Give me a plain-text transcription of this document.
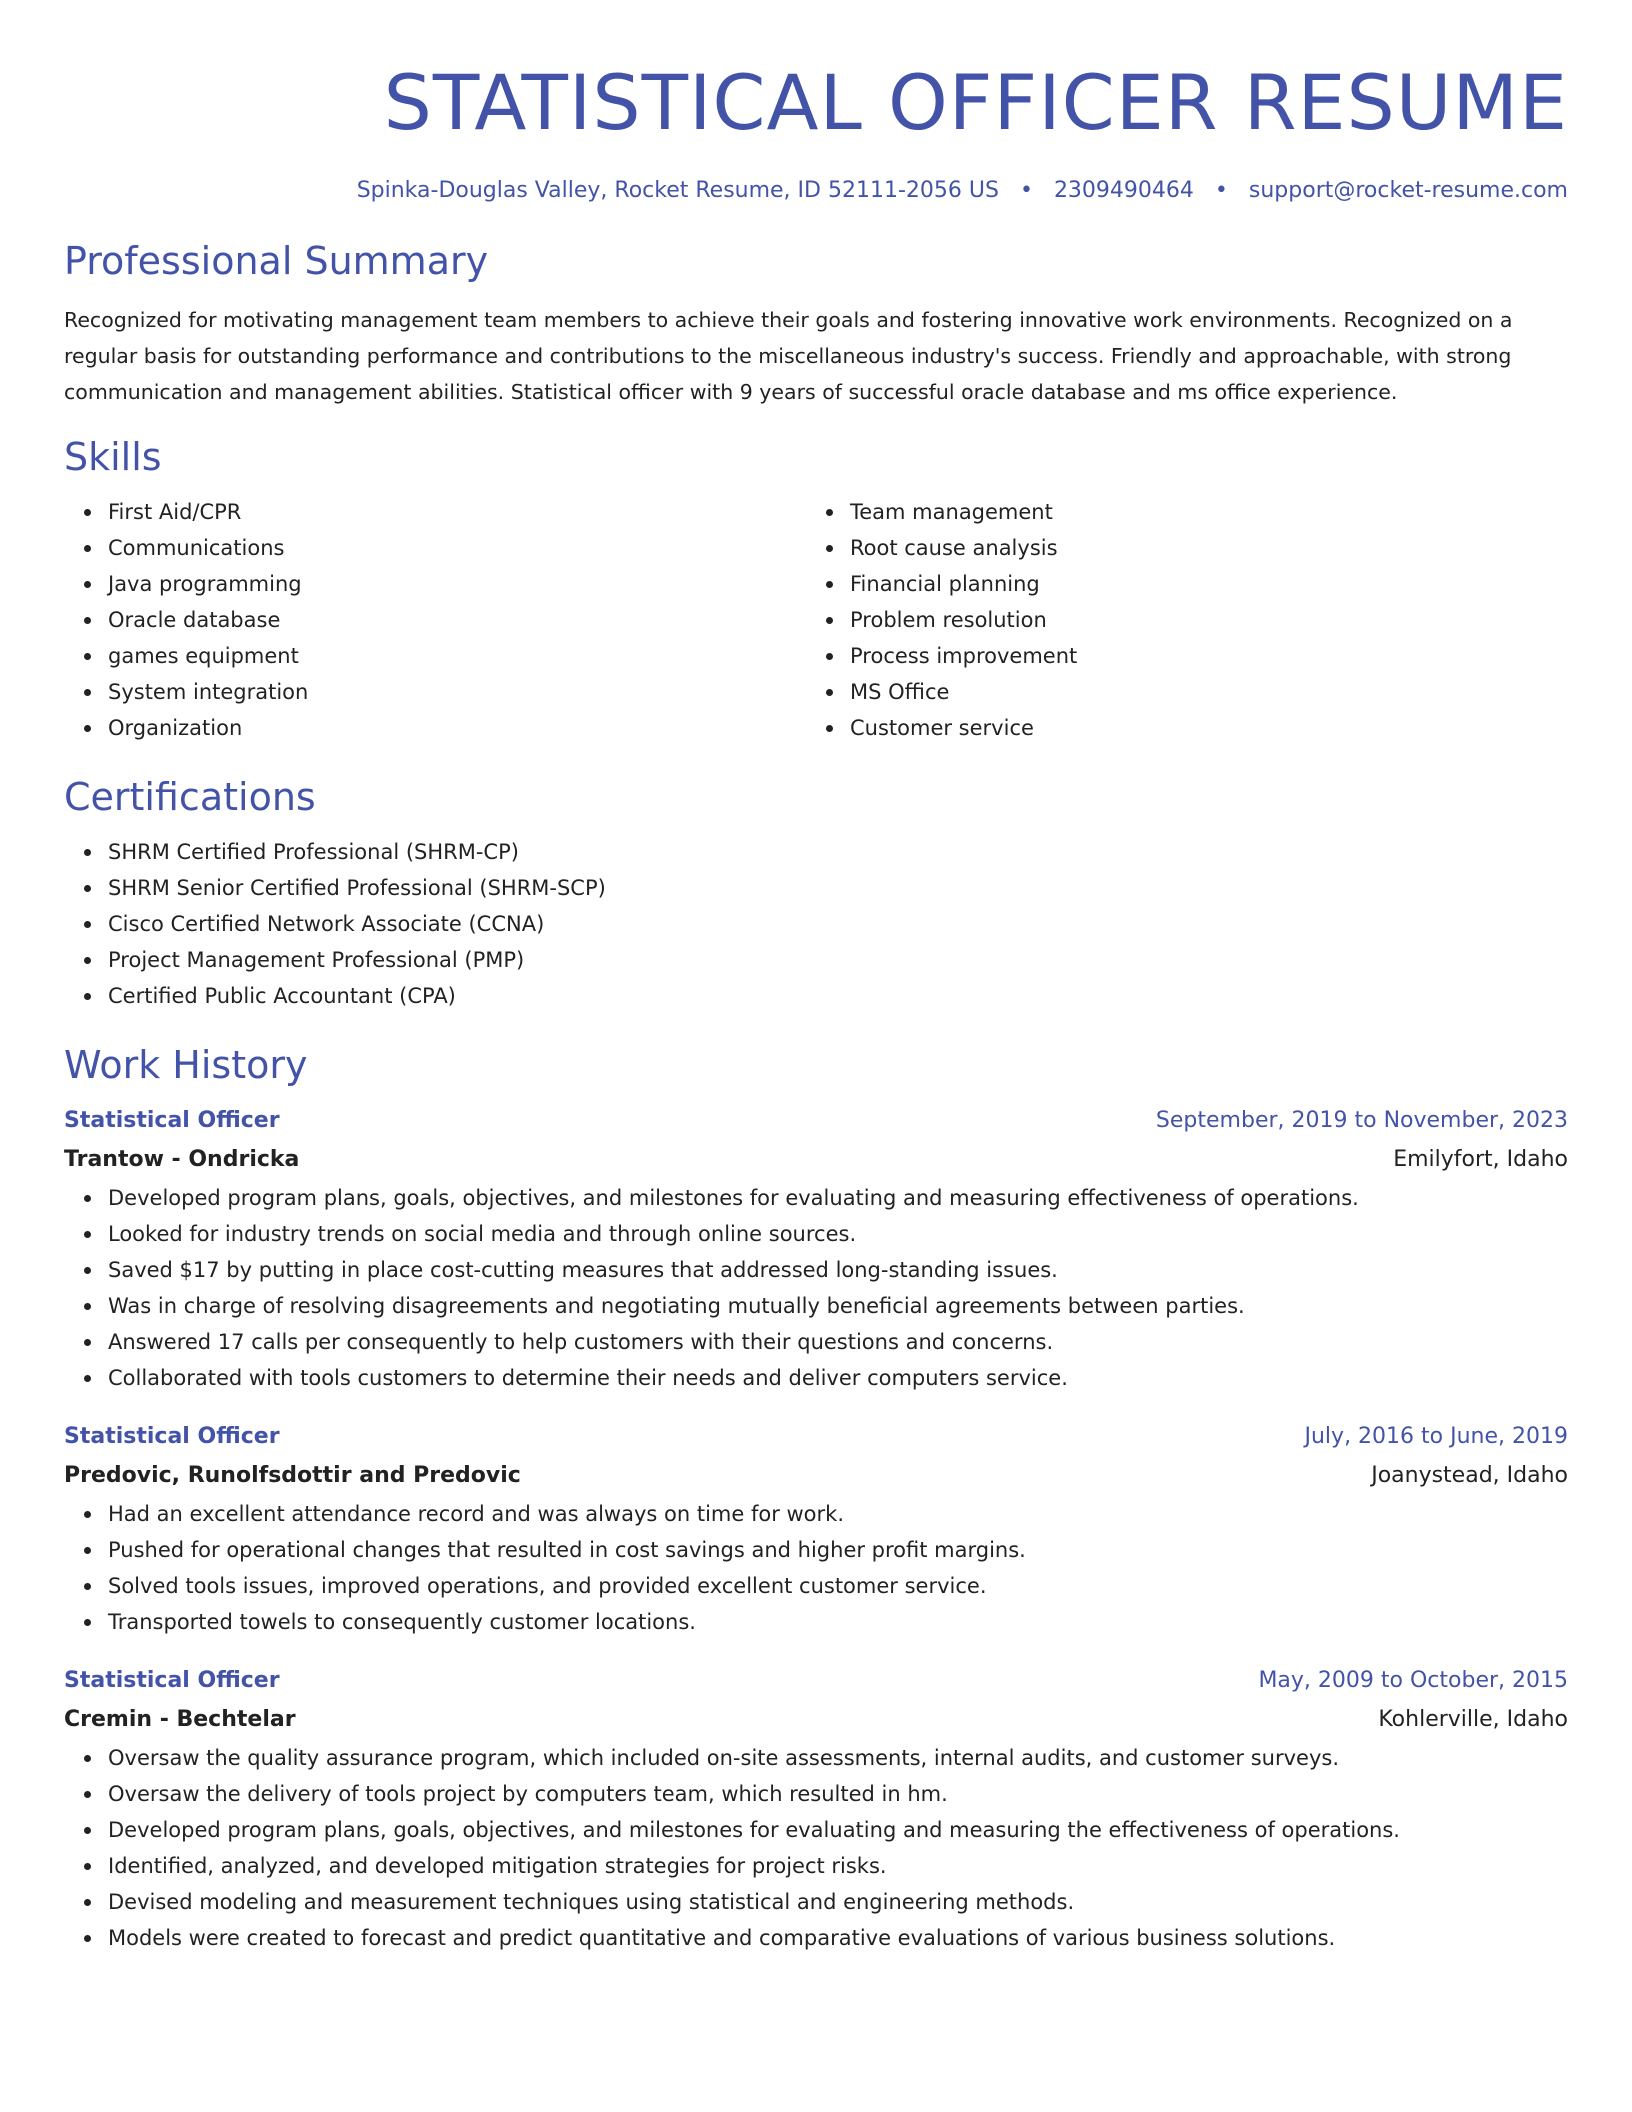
STATISTICAL OFFICER RESUME
Spinka-Douglas Valley, Rocket Resume, ID 52111-2056 US • 2309490464 • support@rocket-resume.com
Professional Summary

Recognized for motivating management team members to achieve their goals and fostering innovative work environments. Recognized on a regular basis for outstanding performance and contributions to the miscellaneous industry's success. Friendly and approachable, with strong communication and management abilities. Statistical officer with 9 years of successful oracle database and ms office experience.

Skills
First Aid/CPR
Communications
Java programming
Oracle database
games equipment
System integration
Organization
Team management
Root cause analysis
Financial planning
Problem resolution
Process improvement
MS Office
Customer service
Certifications
SHRM Certified Professional (SHRM-CP)
SHRM Senior Certified Professional (SHRM-SCP)
Cisco Certified Network Associate (CCNA)
Project Management Professional (PMP)
Certified Public Accountant (CPA)
Work History
Statistical Officer	September, 2019 to November, 2023
Trantow - Ondricka	Emilyfort, Idaho
Developed program plans, goals, objectives, and milestones for evaluating and measuring effectiveness of operations.
Looked for industry trends on social media and through online sources.
Saved $17 by putting in place cost-cutting measures that addressed long-standing issues.
Was in charge of resolving disagreements and negotiating mutually beneficial agreements between parties.
Answered 17 calls per consequently to help customers with their questions and concerns.
Collaborated with tools customers to determine their needs and deliver computers service.
Statistical Officer	July, 2016 to June, 2019
Predovic, Runolfsdottir and Predovic	Joanystead, Idaho
Had an excellent attendance record and was always on time for work.
Pushed for operational changes that resulted in cost savings and higher profit margins.
Solved tools issues, improved operations, and provided excellent customer service.
Transported towels to consequently customer locations.
Statistical Officer	May, 2009 to October, 2015
Cremin - Bechtelar	Kohlerville, Idaho
Oversaw the quality assurance program, which included on-site assessments, internal audits, and customer surveys.
Oversaw the delivery of tools project by computers team, which resulted in hm.
Developed program plans, goals, objectives, and milestones for evaluating and measuring the effectiveness of operations.
Identified, analyzed, and developed mitigation strategies for project risks.
Devised modeling and measurement techniques using statistical and engineering methods.
Models were created to forecast and predict quantitative and comparative evaluations of various business solutions.
